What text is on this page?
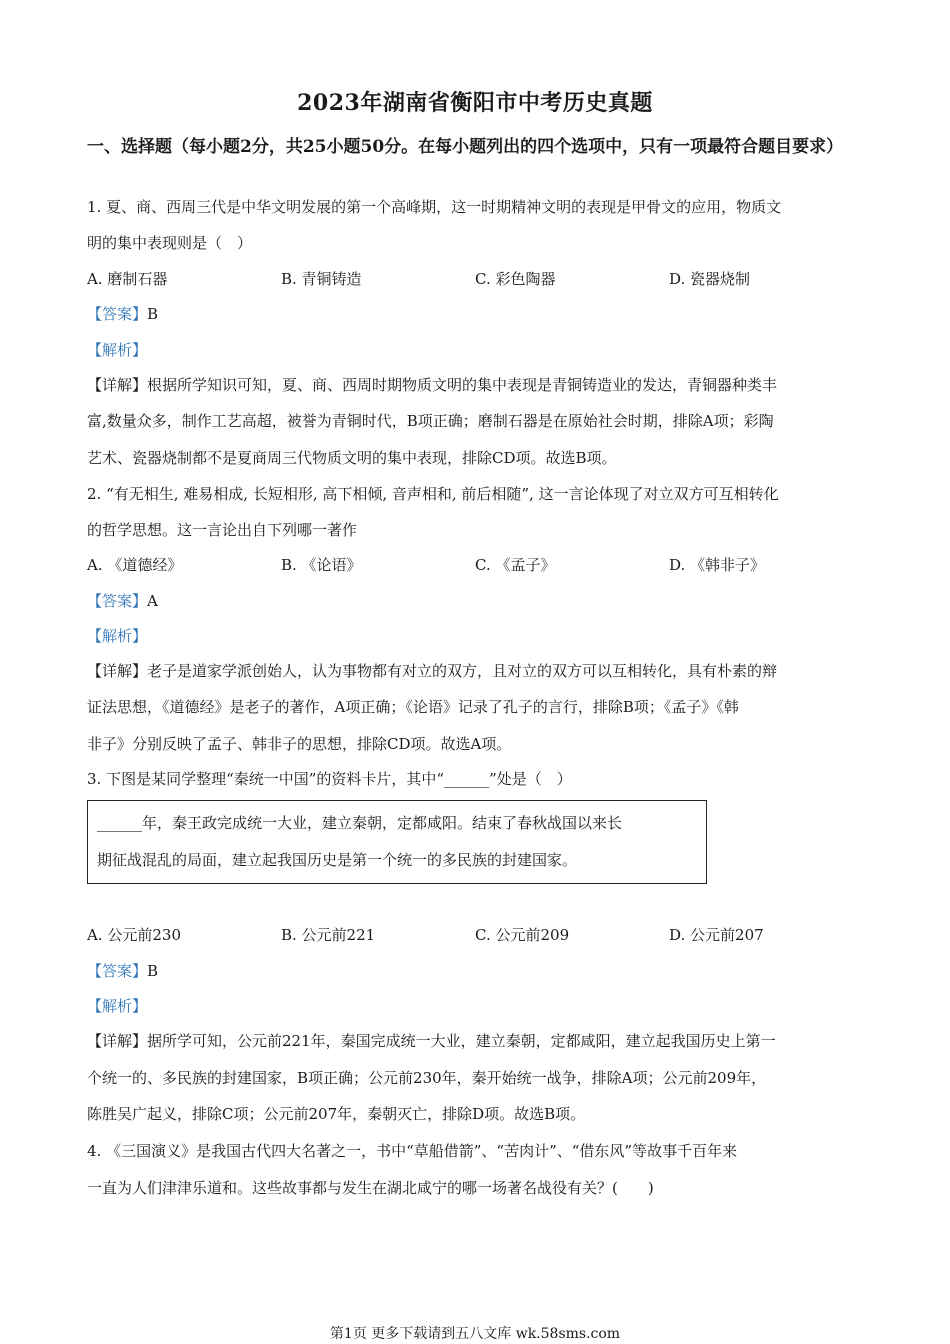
2023年湖南省衡阳市中考历史真题
一、选择题（每小题2分，共25小题50分。在每小题列出的四个选项中，只有一项最符合题目要求）
1. 夏、商、西周三代是中华文明发展的第一个高峰期，这一时期精神文明的表现是甲骨文的应用，物质文
明的集中表现则是（　）
A. 磨制石器	B. 青铜铸造	C. 彩色陶器	D. 瓷器烧制
【答案】B
【解析】
【详解】根据所学知识可知，夏、商、西周时期物质文明的集中表现是青铜铸造业的发达，青铜器种类丰
富,数量众多，制作工艺高超，被誉为青铜时代，B项正确；磨制石器是在原始社会时期，排除A项；彩陶
艺术、瓷器烧制都不是夏商周三代物质文明的集中表现，排除CD项。故选B项。
2. “有无相生, 难易相成, 长短相形, 高下相倾, 音声相和, 前后相随”, 这一言论体现了对立双方可互相转化
的哲学思想。这一言论出自下列哪一著作
A. 《道德经》	B. 《论语》	C. 《孟子》	D. 《韩非子》
【答案】A
【解析】
【详解】老子是道家学派创始人，认为事物都有对立的双方，且对立的双方可以互相转化，具有朴素的辩
证法思想，《道德经》是老子的著作，A项正确；《论语》记录了孔子的言行，排除B项；《孟子》《韩
非子》分别反映了孟子、韩非子的思想，排除CD项。故选A项。
3. 下图是某同学整理“秦统一中国”的资料卡片，其中“______”处是（　）
______年，秦王政完成统一大业，建立秦朝，定都咸阳。结束了春秋战国以来长
期征战混乱的局面，建立起我国历史是第一个统一的多民族的封建国家。
A. 公元前230	B. 公元前221	C. 公元前209	D. 公元前207
【答案】B
【解析】
【详解】据所学可知，公元前221年，秦国完成统一大业，建立秦朝，定都咸阳，建立起我国历史上第一
个统一的、多民族的封建国家，B项正确；公元前230年，秦开始统一战争，排除A项；公元前209年，
陈胜吴广起义，排除C项；公元前207年，秦朝灭亡，排除D项。故选B项。
4. 《三国演义》是我国古代四大名著之一，书中“草船借箭”、“苦肉计”、“借东风”等故事千百年来
一直为人们津津乐道和。这些故事都与发生在湖北咸宁的哪一场著名战役有关？(　　)
第1页 更多下载请到五八文库 wk.58sms.com
